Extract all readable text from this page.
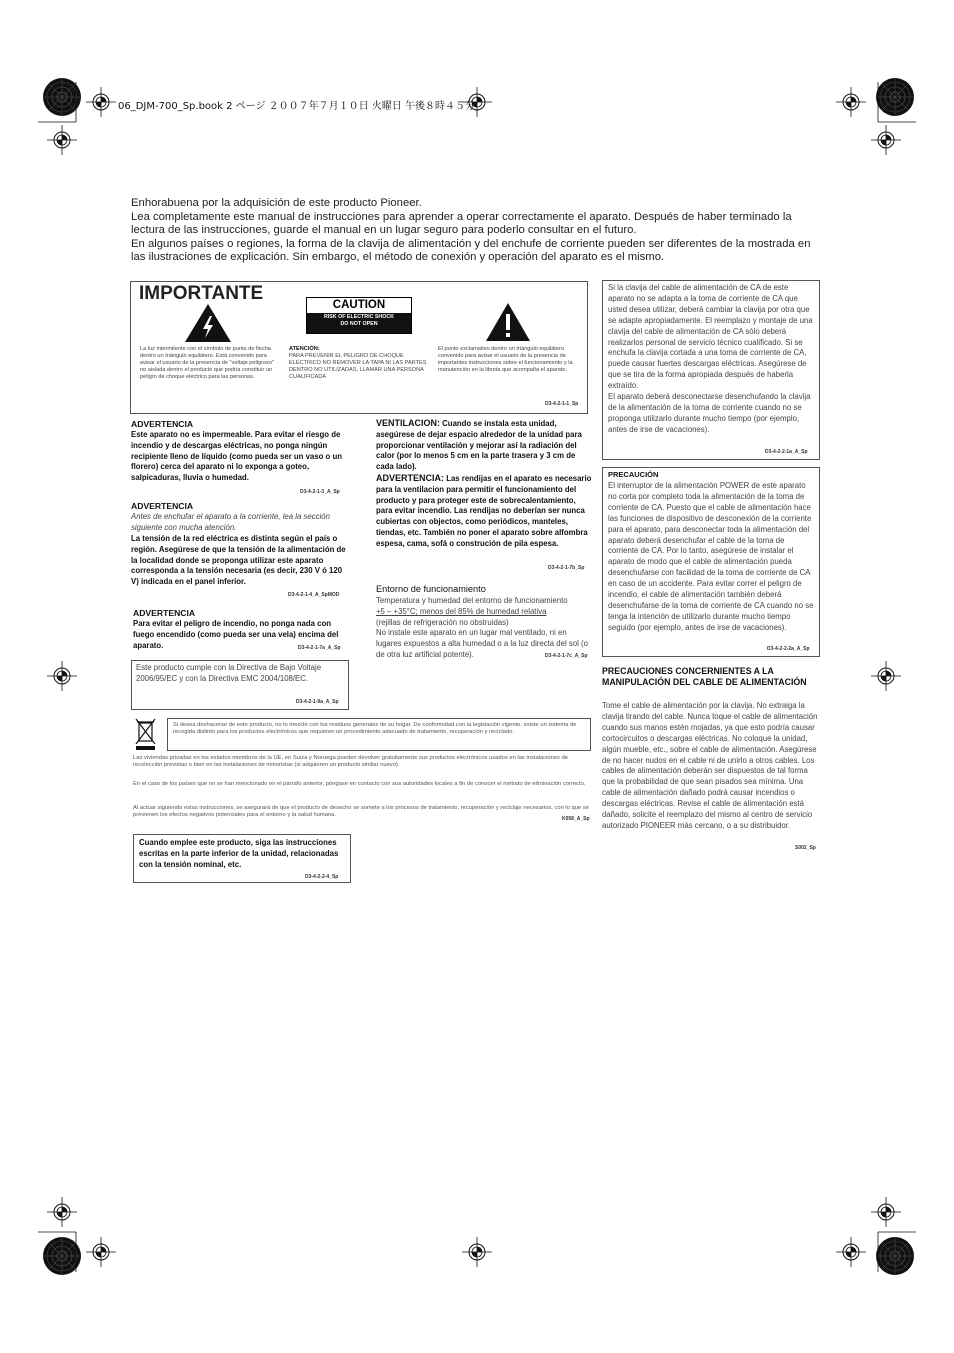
06_DJM-700_Sp.book 2 ページ ２００７年７月１０日 火曜日 午後８時４５分

Enhorabuena por la adquisición de este producto Pioneer.

Lea completamente este manual de instrucciones para aprender a operar correctamente el aparato. Después de haber terminado la lectura de las instrucciones, guarde el manual en un lugar seguro para poderlo consultar en el futuro.

En algunos países o regiones, la forma de la clavija de alimentación y del enchufe de corriente pueden ser diferentes de la mostrada en las ilustraciones de explicación. Sin embargo, el método de conexión y operación del aparato es el mismo.

IMPORTANTE
CAUTION
RISK OF ELECTRIC SHOCK
DO NOT OPEN
La luz intermitente con el símbolo de punta de flecha dentro un triángulo equilátero. Está convenido para avisar el usuario de la presencia de "voltaje peligroso" no aislada dentro el producto que podría constituir un peligro de choque eléctrico para las personas.
ATENCIÓN:
PARA PREVENIR EL PELIGRO DE CHOQUE ELÉCTRICO NO REMOVER LA TAPA NI LAS PARTES DENTRO NO UTILIZADAS, LLAMAR UNA PERSONA CUALIFICADA
El punto exclamativo dentro un triángulo equilátero convenido para avisar el usuario de la presencia de importantes instrucciones sobre el funcionamiento y la manutención en la libreta que acompaña el aparato.
D3-4-2-1-1_Sp
ADVERTENCIA
Este aparato no es impermeable. Para evitar el riesgo de incendio y de descargas eléctricas, no ponga ningún recipiente lleno de líquido (como pueda ser un vaso o un florero) cerca del aparato ni lo exponga a goteo, salpicaduras, lluvia o humedad.
D3-4-2-1-3_A_Sp
ADVERTENCIA
Antes de enchufar el aparato a la corriente, lea la sección siguiente con mucha atención.
La tensión de la red eléctrica es distinta según el país o región. Asegúrese de que la tensión de la alimentación de la localidad donde se proponga utilizar este aparato corresponda a la tensión necesaria (es decir, 230 V ó 120 V) indicada en el panel inferior.
D3-4-2-1-4_A_SpMOD
ADVERTENCIA
Para evitar el peligro de incendio, no ponga nada con fuego encendido (como pueda ser una vela) encima del aparato.	D3-4-2-1-7a_A_Sp
Este producto cumple con la Directiva de Bajo Voltaje 2006/95/EC y con la Directiva EMC 2004/108/EC.
D3-4-2-1-9a_A_Sp
VENTILACION: Cuando se instala esta unidad, asegúrese de dejar espacio alrededor de la unidad para proporcionar ventilación y mejorar así la radiación del calor (por lo menos 5 cm en la parte trasera y 3 cm de cada lado).
ADVERTENCIA: Las rendijas en el aparato es necesario para la ventilacion para permitir el funcionamiento del producto y para proteger este de sobrecalentamiento, para evitar incendio. Las rendijas no deberían ser nunca cubiertas con objectos, como periódicos, manteles, tiendas, etc. También no poner el aparato sobre alfombra espesa, cama, sofá o construción de pila espesa.
D3-4-2-1-7b_Sp
Entorno de funcionamiento
Temperatura y humedad del entorno de funcionamiento
+5 – +35°C; menos del 85% de humedad relativa
(rejillas de refrigeración no obstruidas)
No instale este aparato en un lugar mal ventilado, ni en lugares expuestos a alta humedad o a la luz directa del sol (o de otra luz artificial potente).	D3-4-2-1-7c_A_Sp
Si la clavija del cable de alimentación de CA de este aparato no se adapta a la toma de corriente de CA que usted desea utilizar, deberá cambiar la clavija por otra que se adapte apropiadamente. El reemplazo y montaje de una clavija del cable de alimentación de CA sólo deberá realizarlos personal de servicio técnico cualificado. Si se enchufa la clavija cortada a una toma de corriente de CA, puede causar fuertes descargas eléctricas. Asegúrese de que se tira de la forma apropiada después de haberla extraído.
El aparato deberá desconectarse desenchufando la clavija de la alimentación de la toma de corriente cuando no se proponga utilizarlo durante mucho tiempo (por ejemplo, antes de irse de vacaciones).
D3-4-2-2-1a_A_Sp
PRECAUCIÓN
El interruptor de la alimentación POWER de este aparato no corta por completo toda la alimentación de la toma de corriente de CA. Puesto que el cable de alimentación hace las funciones de dispositivo de desconexión de la corriente para el aparato, para desconectar toda la alimentación del aparato deberá desenchufar el cable de la toma de corriente de CA. Por lo tanto, asegúrese de instalar el aparato de modo que el cable de alimentación pueda desenchufarse con facilidad de la toma de corriente de CA en caso de un accidente. Para evitar correr el peligro de incendio, el cable de alimentación también deberá desenchufarse de la toma de corriente de CA cuando no se tenga la intención de utilizarlo durante mucho tiempo seguido (por ejemplo, antes de irse de vacaciones).
D3-4-2-2-2a_A_Sp
PRECAUCIONES CONCERNIENTES A LA MANIPULACIÓN DEL CABLE DE ALIMENTACIÓN
Tome el cable de alimentación por la clavija. No extraiga la clavija tirando del cable. Nunca toque el cable de alimentación cuando sus manos estén mojadas, ya que esto podría causar cortocircuitos o descargas eléctricas. No coloque la unidad, algún mueble, etc., sobre el cable de alimentación. Asegúrese de no hacer nudos en el cable ni de unirlo a otros cables. Los cables de alimentación deberán ser dispuestos de tal forma que la probabilidad de que sean pisados sea mínima. Una cable de alimentación dañado podrá causar incendios o descargas eléctricas. Revise el cable de alimentación está dañado, solicite el reemplazo del mismo al centro de servicio autorizado PIONEER más cercano, o a su distribuidor.
S002_Sp
Si desea deshacerse de este producto, no lo mezcle con los residuos generales de su hogar. De conformidad con la legislación vigente, existe un sistema de recogida distinto para los productos electrónicos que requieren un procedimiento adecuado de tratamiento, recuperación y reciclado.
Las viviendas privadas en los estados miembros de la UE, en Suiza y Noruega pueden devolver gratuitamente sus productos electrónicos usados en las instalaciones de recolección previstas o bien en las instalaciones de minoristas (si adquieren un producto similar nuevo).
En el caso de los países que no se han mencionado en el párrafo anterior, póngase en contacto con sus autoridades locales a fin de conocer el método de eliminación correcto.
Al actuar siguiendo estas instrucciones, se asegurará de que el producto de desecho se somete a los procesos de tratamiento, recuperación y reciclaje necesarios, con lo que se previenen los efectos negativos potenciales para el entorno y la salud humana.
K058_A_Sp
Cuando emplee este producto, siga las instrucciones escritas en la parte inferior de la unidad, relacionadas con la tensión nominal, etc.
D3-4-2-2-4_Sp
